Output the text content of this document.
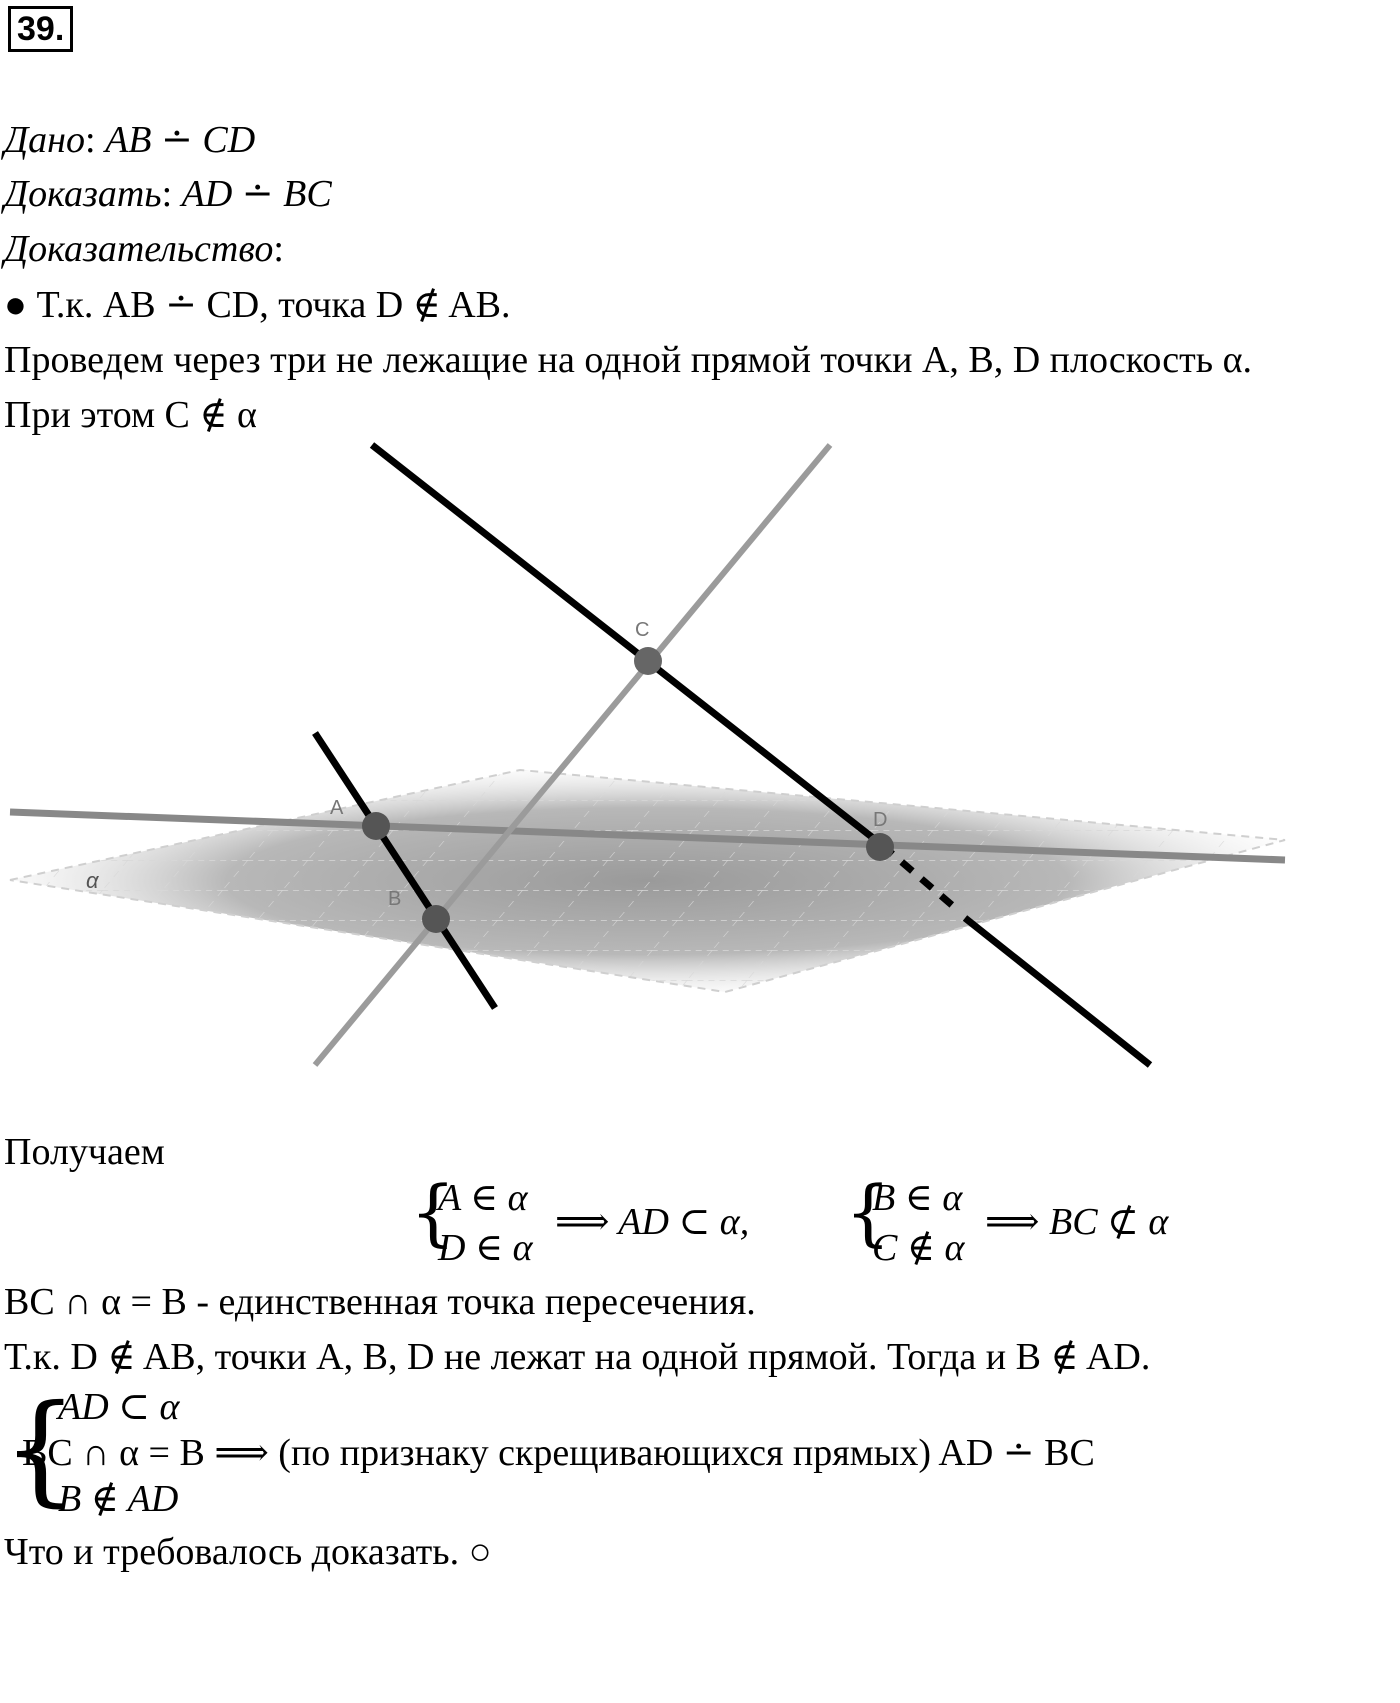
39.
Дано: AB ∸ CD
Доказать: AD ∸ BC
Доказательство:
● Т.к. AB ∸ CD, точка D ∉ AB.
Проведем через три не лежащие на одной прямой точки A, B, D плоскость α.
При этом C ∉ α
A
B
C
D
α
Получаем
{
A ∈ α
D ∈ α
⟹ AD ⊂ α, {
B ∈ α
C ∉ α
⟹ BC ⊄ α
BC ∩ α = B - единственная точка пересечения.
Т.к. D ∉ AB, точки A, B, D не лежат на одной прямой. Тогда и B ∉ AD.
{
AD ⊂ α
BC ∩ α = B ⟹ (по признаку скрещивающихся прямых) AD ∸ BC
B ∉ AD
Что и требовалось доказать. ○
